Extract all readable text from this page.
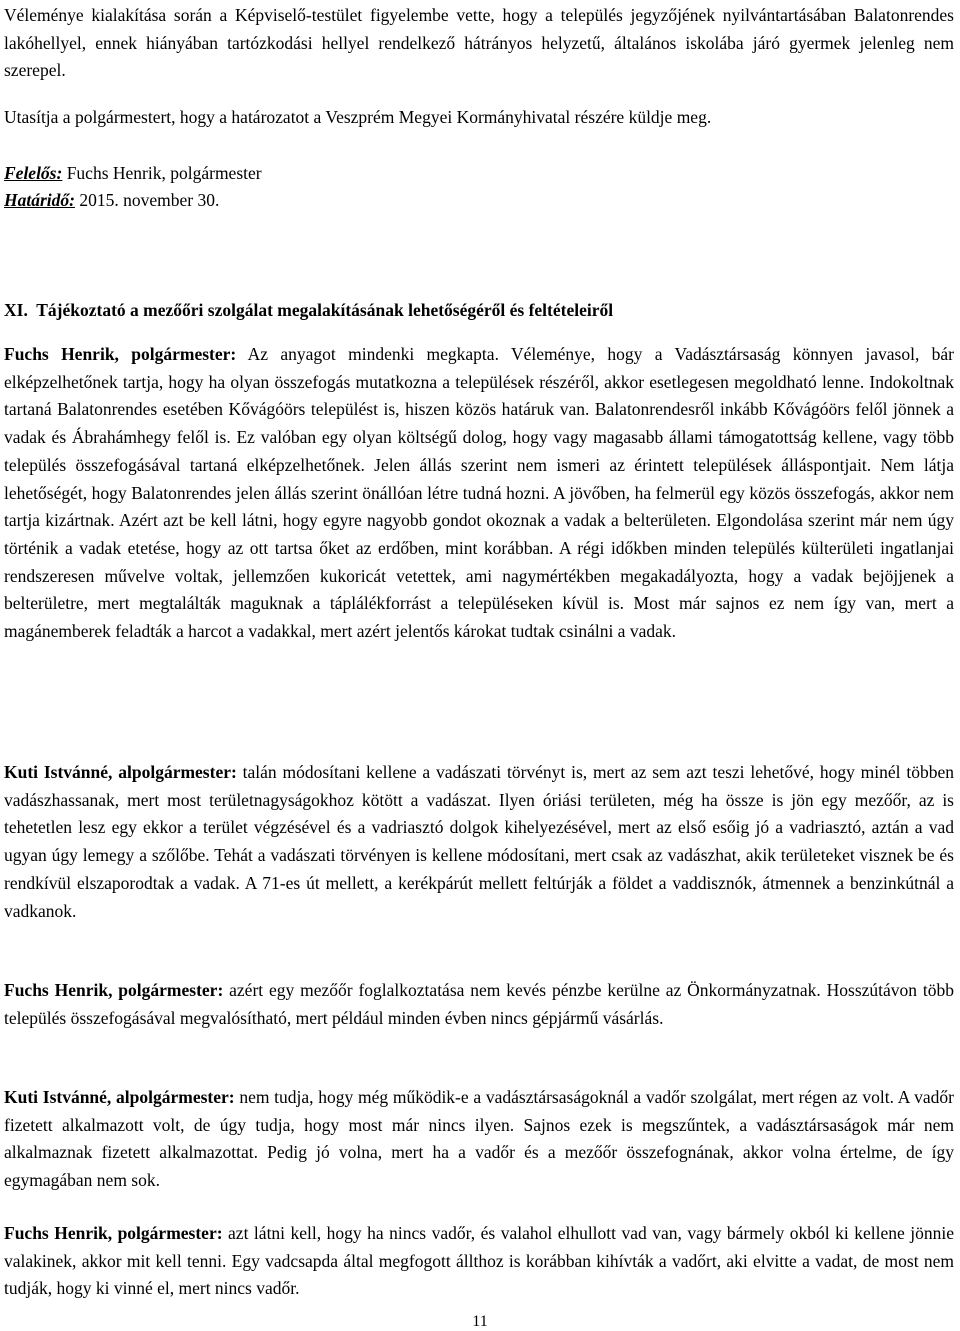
Véleménye kialakítása során a Képviselő-testület figyelembe vette, hogy a település jegyzőjének nyilvántartásában Balatonrendes lakóhellyel, ennek hiányában tartózkodási hellyel rendelkező hátrányos helyzetű, általános iskolába járó gyermek jelenleg nem szerepel.

Utasítja a polgármestert, hogy a határozatot a Veszprém Megyei Kormányhivatal részére küldje meg.

Felelős: Fuchs Henrik, polgármester
Határidő: 2015. november 30.
XI.  Tájékoztató a mezőőri szolgálat megalakításának lehetőségéről és feltételeiről

Fuchs Henrik, polgármester: Az anyagot mindenki megkapta. Véleménye, hogy a Vadásztársaság könnyen javasol, bár elképzelhetőnek tartja, hogy ha olyan összefogás mutatkozna a települések részéről, akkor esetlegesen megoldható lenne. Indokoltnak tartaná Balatonrendes esetében Kővágóörs települést is, hiszen közös határuk van. Balatonrendesről inkább Kővágóörs felől jönnek a vadak és Ábrahámhegy felől is. Ez valóban egy olyan költségű dolog, hogy vagy magasabb állami támogatottság kellene, vagy több település összefogásával tartaná elképzelhetőnek. Jelen állás szerint nem ismeri az érintett települések álláspontjait. Nem látja lehetőségét, hogy Balatonrendes jelen állás szerint önállóan létre tudná hozni. A jövőben, ha felmerül egy közös összefogás, akkor nem tartja kizártnak. Azért azt be kell látni, hogy egyre nagyobb gondot okoznak a vadak a belterületen. Elgondolása szerint már nem úgy történik a vadak etetése, hogy az ott tartsa őket az erdőben, mint korábban. A régi időkben minden település külterületi ingatlanjai rendszeresen művelve voltak, jellemzően kukoricát vetettek, ami nagymértékben megakadályozta, hogy a vadak bejöjjenek a belterületre, mert megtalálták maguknak a táplálékforrást a településeken kívül is. Most már sajnos ez nem így van, mert a magánemberek feladták a harcot a vadakkal, mert azért jelentős károkat tudtak csinálni a vadak.

Kuti Istvánné, alpolgármester: talán módosítani kellene a vadászati törvényt is, mert az sem azt teszi lehetővé, hogy minél többen vadászhassanak, mert most területnagyságokhoz kötött a vadászat. Ilyen óriási területen, még ha össze is jön egy mezőőr, az is tehetetlen lesz egy ekkor a terület végzésével és a vadriasztó dolgok kihelyezésével, mert az első esőig jó a vadriasztó, aztán a vad ugyan úgy lemegy a szőlőbe. Tehát a vadászati törvényen is kellene módosítani, mert csak az vadászhat, akik területeket visznek be és rendkívül elszaporodtak a vadak. A 71-es út mellett, a kerékpárút mellett feltúrják a földet a vaddisznók, átmennek a benzinkútnál a vadkanok.

Fuchs Henrik, polgármester: azért egy mezőőr foglalkoztatása nem kevés pénzbe kerülne az Önkormányzatnak. Hosszútávon több település összefogásával megvalósítható, mert például minden évben nincs gépjármű vásárlás.

Kuti Istvánné, alpolgármester: nem tudja, hogy még működik-e a vadásztársaságoknál a vadőr szolgálat, mert régen az volt. A vadőr fizetett alkalmazott volt, de úgy tudja, hogy most már nincs ilyen. Sajnos ezek is megszűntek, a vadásztársaságok már nem alkalmaznak fizetett alkalmazottat. Pedig jó volna, mert ha a vadőr és a mezőőr összefognának, akkor volna értelme, de így egymagában nem sok.

Fuchs Henrik, polgármester: azt látni kell, hogy ha nincs vadőr, és valahol elhullott vad van, vagy bármely okból ki kellene jönnie valakinek, akkor mit kell tenni. Egy vadcsapda által megfogott állthoz is korábban kihívták a vadőrt, aki elvitte a vadat, de most nem tudják, hogy ki vinné el, mert nincs vadőr.

11
